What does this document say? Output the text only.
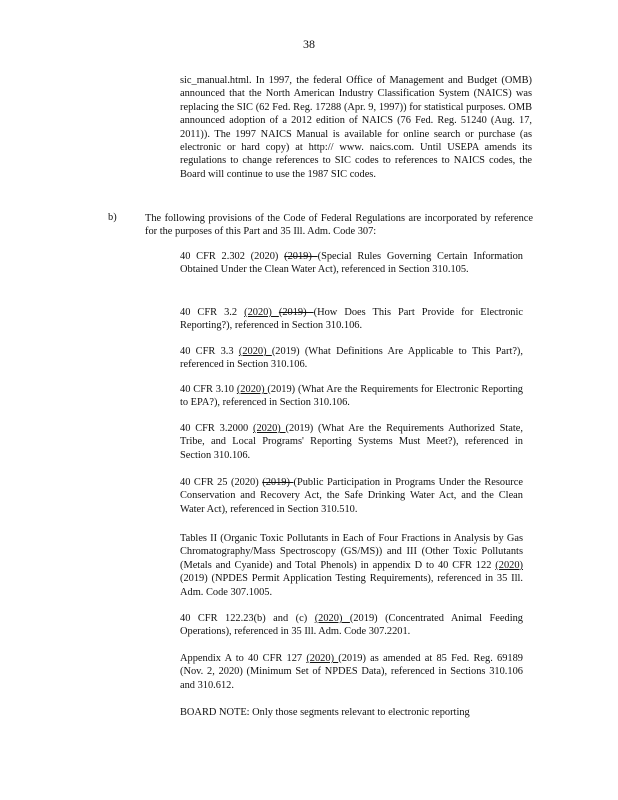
38

sic_manual.html. In 1997, the federal Office of Management and Budget (OMB) announced that the North American Industry Classification System (NAICS) was replacing the SIC (62 Fed. Reg. 17288 (Apr. 9, 1997)) for statistical purposes. OMB announced adoption of a 2012 edition of NAICS (76 Fed. Reg. 51240 (Aug. 17, 2011)). The 1997 NAICS Manual is available for online search or purchase (as electronic or hard copy) at http:// www. naics.com. Until USEPA amends its regulations to change references to SIC codes to references to NAICS codes, the Board will continue to use the 1987 SIC codes.

b)	The following provisions of the Code of Federal Regulations are incorporated by reference for the purposes of this Part and 35 Ill. Adm. Code 307:

40 CFR 2.302 (2020) (2019) (Special Rules Governing Certain Information Obtained Under the Clean Water Act), referenced in Section 310.105.
40 CFR 3.2 (2020) (2019) (How Does This Part Provide for Electronic Reporting?), referenced in Section 310.106.
40 CFR 3.3 (2020) (2019) (What Definitions Are Applicable to This Part?), referenced in Section 310.106.
40 CFR 3.10 (2020) (2019) (What Are the Requirements for Electronic Reporting to EPA?), referenced in Section 310.106.
40 CFR 3.2000 (2020) (2019) (What Are the Requirements Authorized State, Tribe, and Local Programs' Reporting Systems Must Meet?), referenced in Section 310.106.
40 CFR 25 (2020) (2019) (Public Participation in Programs Under the Resource Conservation and Recovery Act, the Safe Drinking Water Act, and the Clean Water Act), referenced in Section 310.510.
Tables II (Organic Toxic Pollutants in Each of Four Fractions in Analysis by Gas Chromatography/Mass Spectroscopy (GS/MS)) and III (Other Toxic Pollutants (Metals and Cyanide) and Total Phenols) in appendix D to 40 CFR 122 (2020) (2019) (NPDES Permit Application Testing Requirements), referenced in 35 Ill. Adm. Code 307.1005.
40 CFR 122.23(b) and (c) (2020) (2019) (Concentrated Animal Feeding Operations), referenced in 35 Ill. Adm. Code 307.2201.
Appendix A to 40 CFR 127 (2020) (2019) as amended at 85 Fed. Reg. 69189 (Nov. 2, 2020) (Minimum Set of NPDES Data), referenced in Sections 310.106 and 310.612.
BOARD NOTE: Only those segments relevant to electronic reporting
